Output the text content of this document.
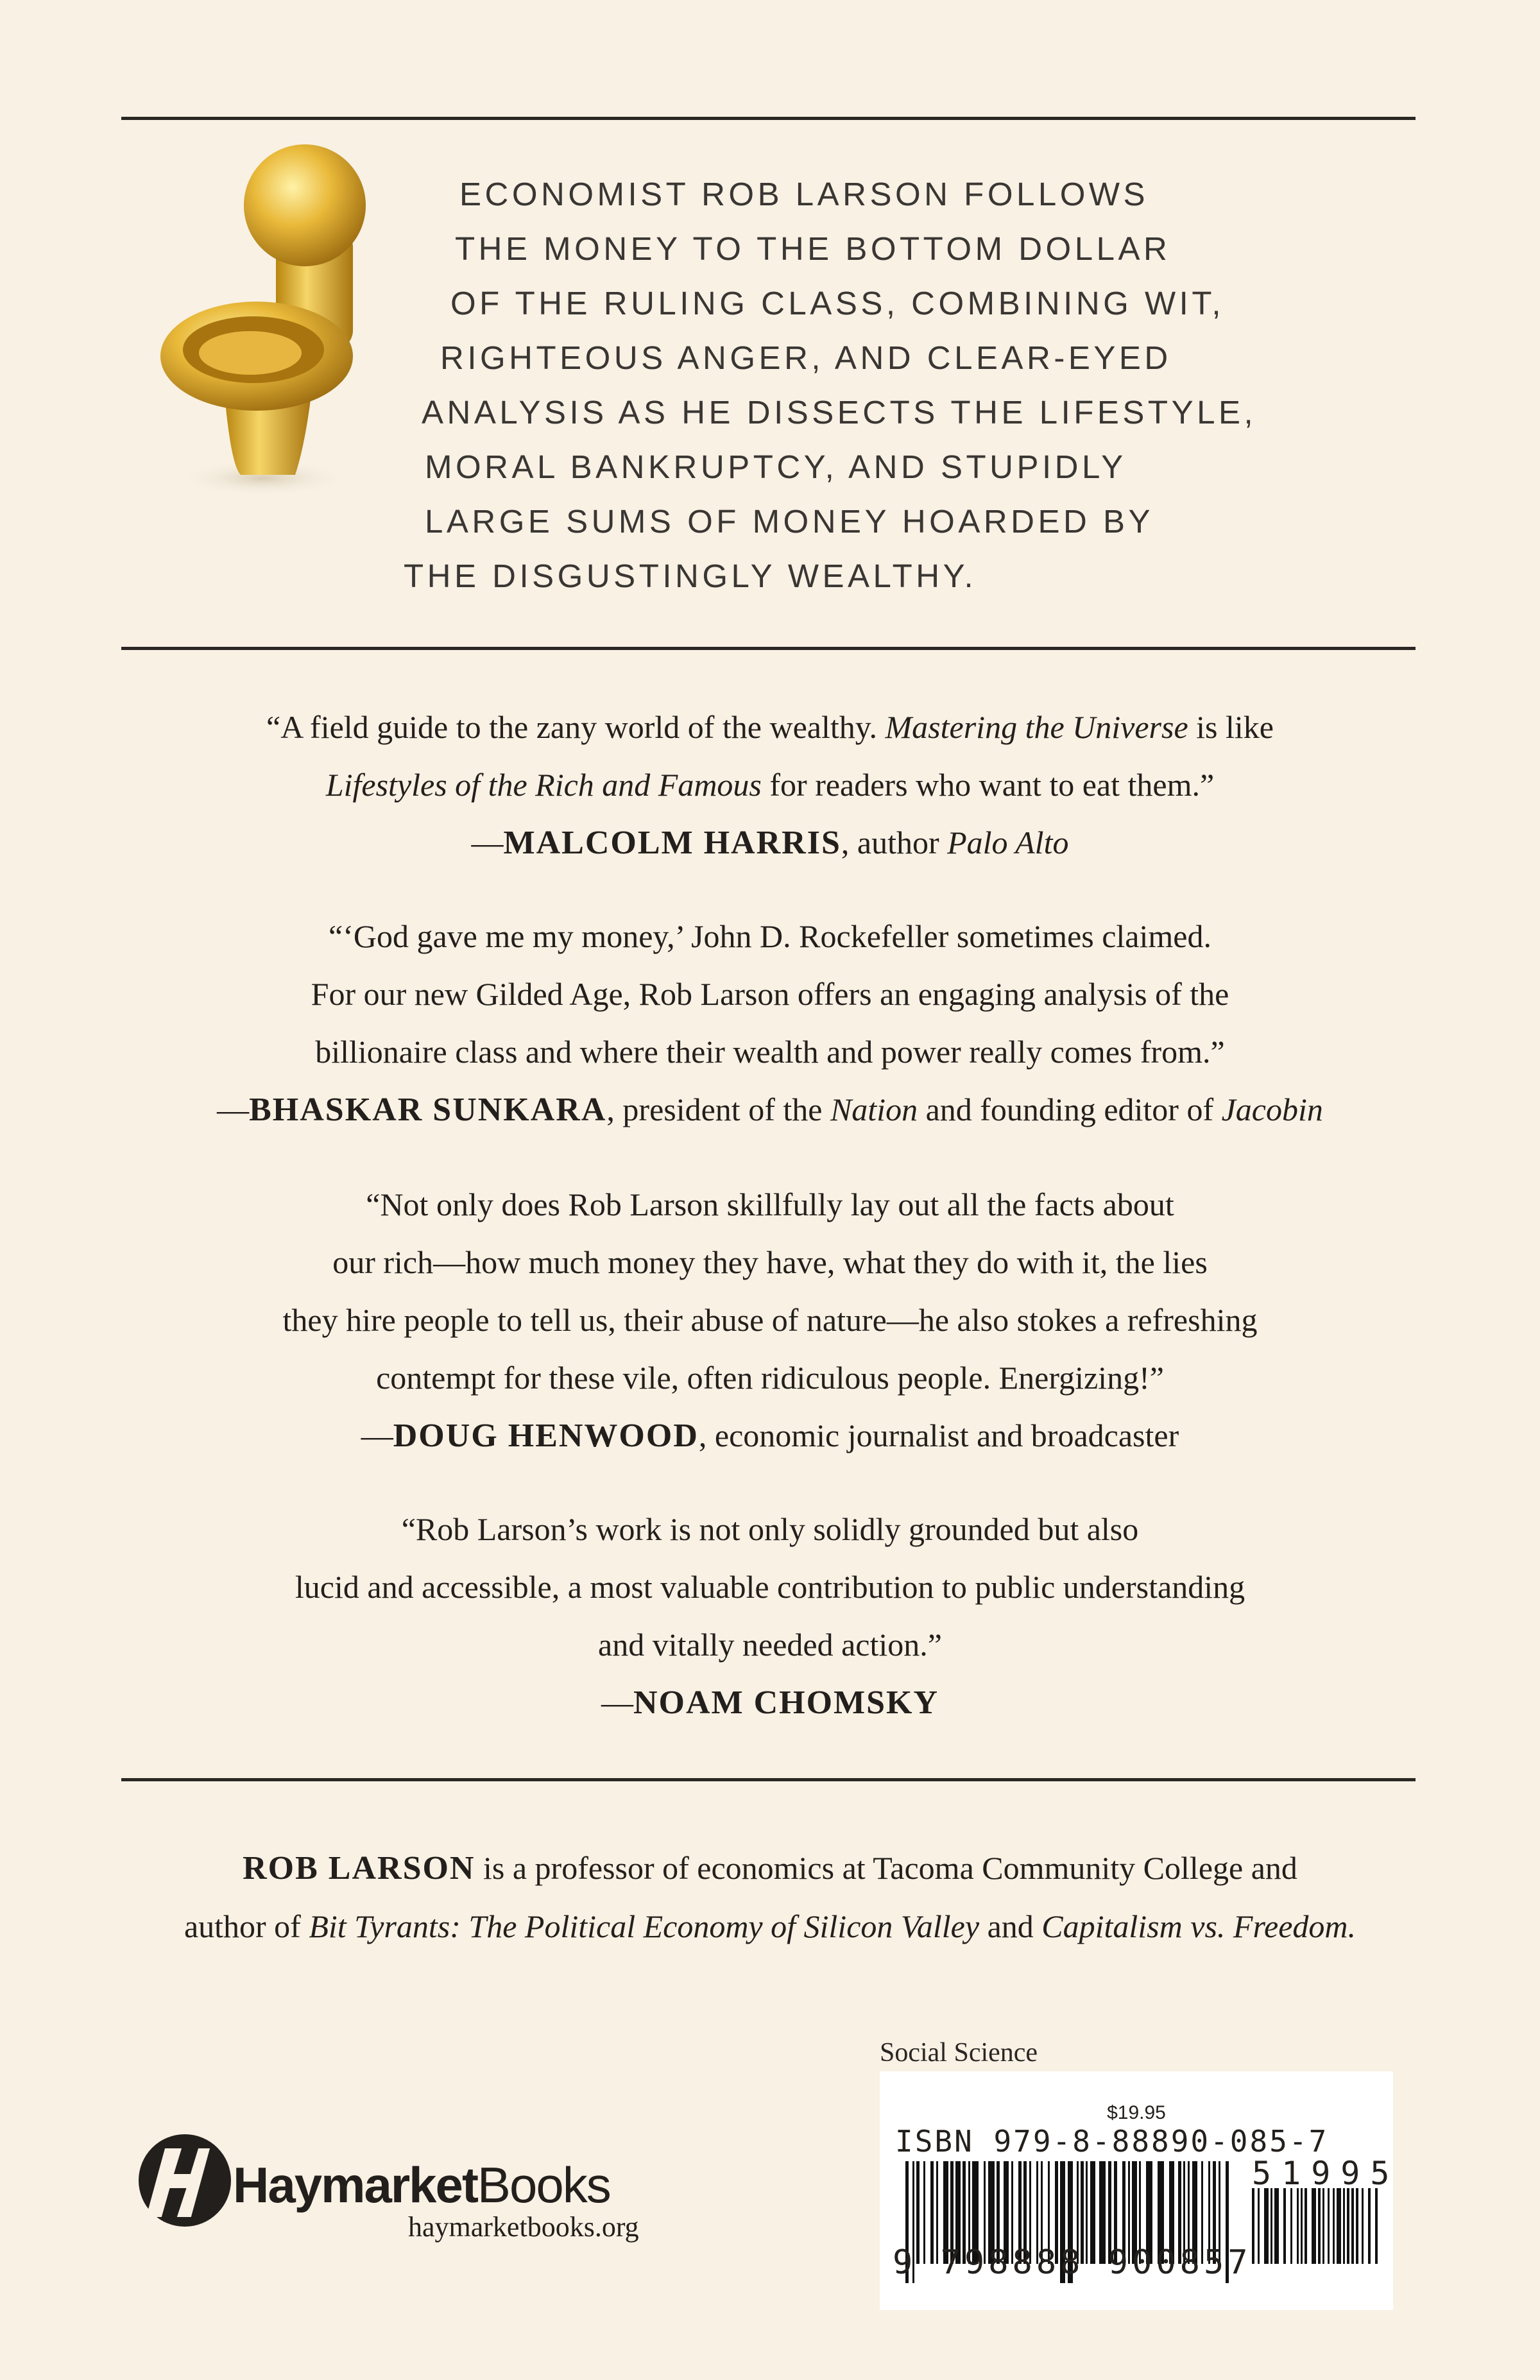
ECONOMIST ROB LARSON FOLLOWS
THE MONEY TO THE BOTTOM DOLLAR
OF THE RULING CLASS, COMBINING WIT,
RIGHTEOUS ANGER, AND CLEAR-EYED
ANALYSIS AS HE DISSECTS THE LIFESTYLE,
MORAL BANKRUPTCY, AND STUPIDLY
LARGE SUMS OF MONEY HOARDED BY
THE DISGUSTINGLY WEALTHY.
“A field guide to the zany world of the wealthy. Mastering the Universe is like
Lifestyles of the Rich and Famous for readers who want to eat them.”
—MALCOLM HARRIS, author Palo Alto
“‘God gave me my money,’ John D. Rockefeller sometimes claimed.
For our new Gilded Age, Rob Larson offers an engaging analysis of the
billionaire class and where their wealth and power really comes from.”
—BHASKAR SUNKARA, president of the Nation and founding editor of Jacobin
“Not only does Rob Larson skillfully lay out all the facts about
our rich—how much money they have, what they do with it, the lies
they hire people to tell us, their abuse of nature—he also stokes a refreshing
contempt for these vile, often ridiculous people. Energizing!”
—DOUG HENWOOD, economic journalist and broadcaster
“Rob Larson’s work is not only solidly grounded but also
lucid and accessible, a most valuable contribution to public understanding
and vitally needed action.”
—NOAM CHOMSKY
ROB LARSON is a professor of economics at Tacoma Community College and
author of Bit Tyrants: The Political Economy of Silicon Valley and Capitalism vs. Freedom.
Social Science
$19.95
ISBN 979-8-88890-085-7
51995
9 798888 900857
HaymarketBooks
haymarketbooks.org
